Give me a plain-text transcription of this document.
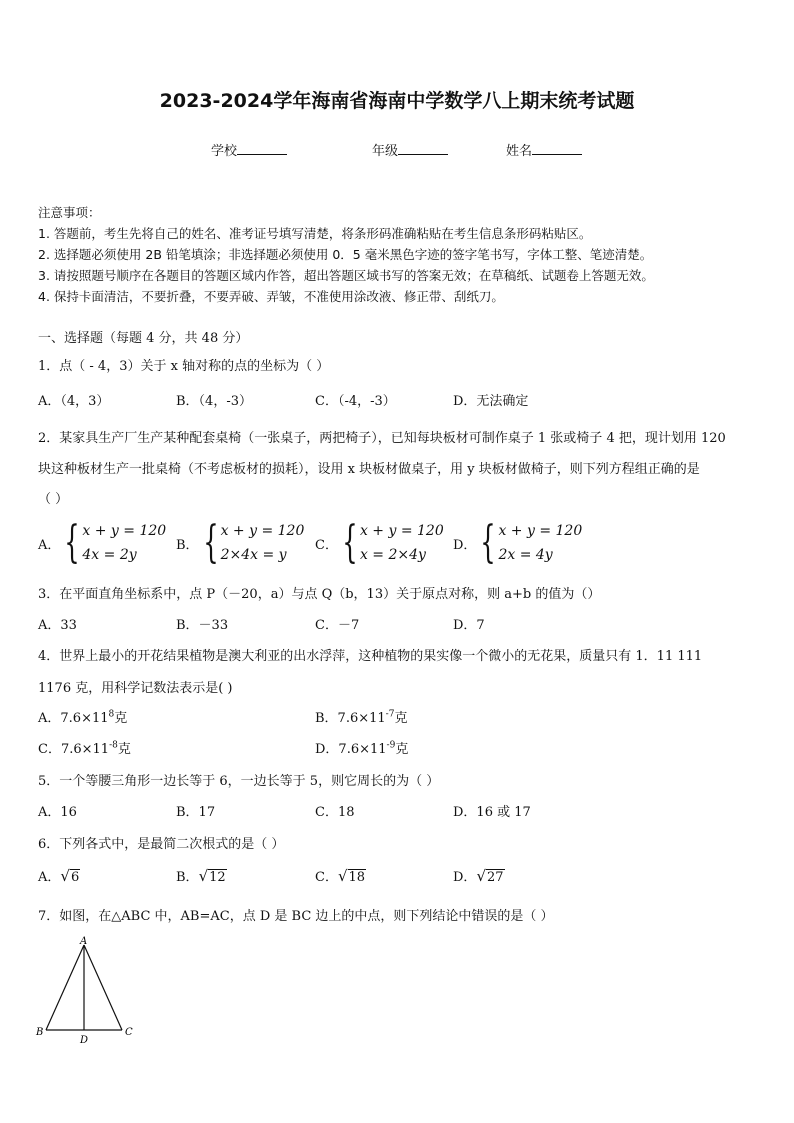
2023-2024学年海南省海南中学数学八上期末统考试题
学校	年级	姓名
注意事项：
1. 答题前，考生先将自己的姓名、准考证号填写清楚，将条形码准确粘贴在考生信息条形码粘贴区。
2. 选择题必须使用 2B 铅笔填涂；非选择题必须使用 0．5 毫米黑色字迹的签字笔书写，字体工整、笔迹清楚。
3. 请按照题号顺序在各题目的答题区域内作答，超出答题区域书写的答案无效；在草稿纸、试题卷上答题无效。
4. 保持卡面清洁，不要折叠，不要弄破、弄皱，不准使用涂改液、修正带、刮纸刀。
一、选择题（每题 4 分，共 48 分）
1．点（ - 4，3）关于 x 轴对称的点的坐标为（ ）
A．（4，3）	B．（4，-3）	C．（-4，-3）	D．无法确定
2．某家具生产厂生产某种配套桌椅（一张桌子，两把椅子），已知每块板材可制作桌子 1 张或椅子 4 把，现计划用 120
块这种板材生产一批桌椅（不考虑板材的损耗），设用 x 块板材做桌子，用 y 块板材做椅子，则下列方程组正确的是
（ ）
A． { x + y = 120
4x = 2y
B． { x + y = 120
2×4x = y
C． { x + y = 120
x = 2×4y
D． { x + y = 120
2x = 4y
3．在平面直角坐标系中，点 P（－20，a）与点 Q（b，13）关于原点对称，则 a+b 的值为（）
A．33	B．－33	C．－7	D．7
4．世界上最小的开花结果植物是澳大利亚的出水浮萍，这种植物的果实像一个微小的无花果，质量只有 1．11 111
1176 克，用科学记数法表示是( )
A．$7.6\times 11^8$克	B．$7.6\times 11^{-7}$克
C．$7.6\times 11^{-8}$克	D．$7.6\times 11^{-9}$克
5．一个等腰三角形一边长等于 6，一边长等于 5，则它周长的为（ ）
A．16	B．17	C．18	D．16 或 17
6．下列各式中，是最简二次根式的是（ ）
A． √ 6	B． √ 12	C． √ 18	D． √ 27
7．如图，在△ABC 中，AB=AC，点 D 是 BC 边上的中点，则下列结论中错误的是（ ）
A
B	C
D
